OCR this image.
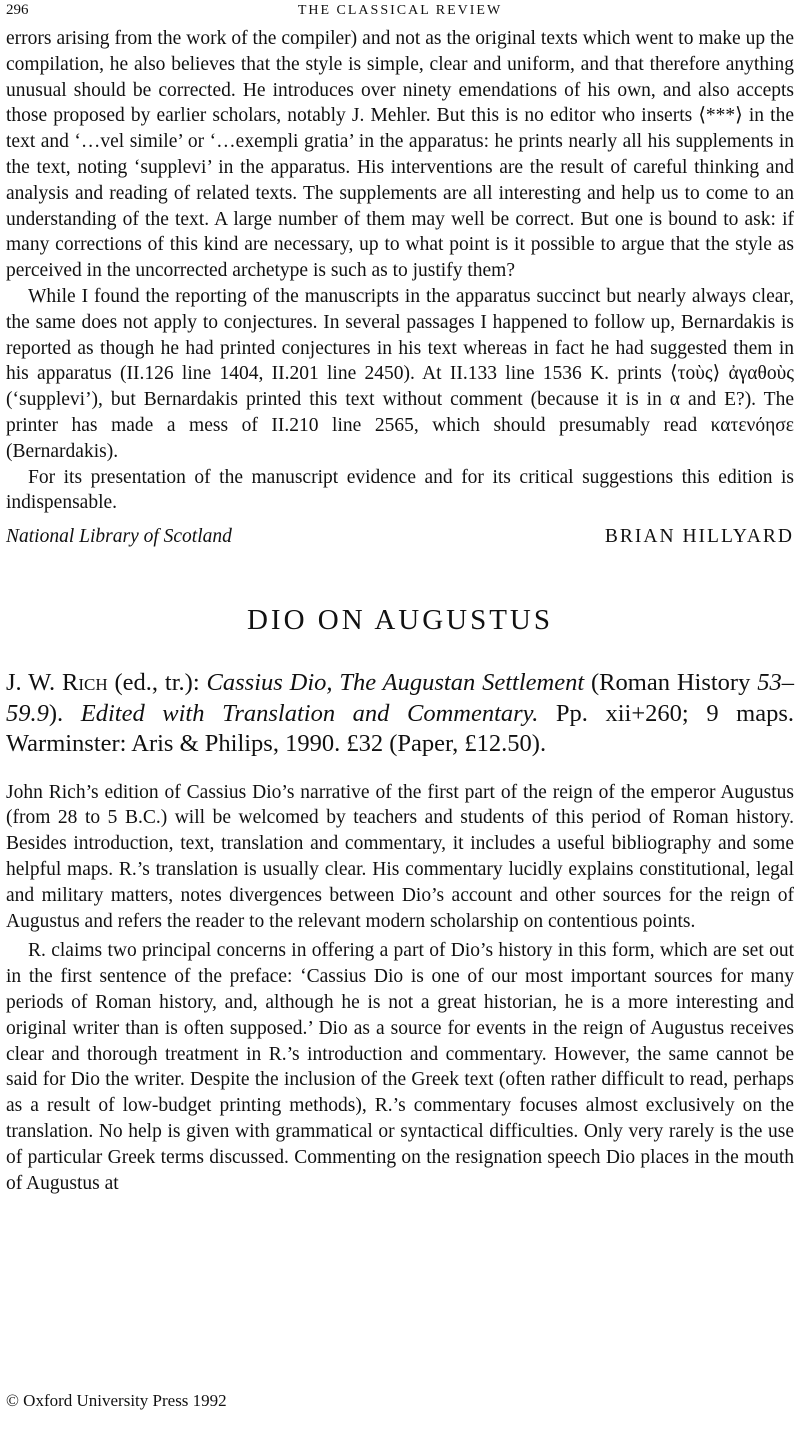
296	THE CLASSICAL REVIEW

errors arising from the work of the compiler) and not as the original texts which went to make up the compilation, he also believes that the style is simple, clear and uniform, and that therefore anything unusual should be corrected. He introduces over ninety emendations of his own, and also accepts those proposed by earlier scholars, notably J. Mehler. But this is no editor who inserts ⟨***⟩ in the text and ‘…vel simile’ or ‘…exempli gratia’ in the apparatus: he prints nearly all his supplements in the text, noting ‘supplevi’ in the apparatus. His interventions are the result of careful thinking and analysis and reading of related texts. The supplements are all interesting and help us to come to an understanding of the text. A large number of them may well be correct. But one is bound to ask: if many corrections of this kind are necessary, up to what point is it possible to argue that the style as perceived in the uncorrected archetype is such as to justify them?

While I found the reporting of the manuscripts in the apparatus succinct but nearly always clear, the same does not apply to conjectures. In several passages I happened to follow up, Bernardakis is reported as though he had printed conjectures in his text whereas in fact he had suggested them in his apparatus (II.126 line 1404, II.201 line 2450). At II.133 line 1536 K. prints ⟨τοὺς⟩ ἀγαθοὺς (‘supplevi’), but Bernardakis printed this text without comment (because it is in α and E?). The printer has made a mess of II.210 line 2565, which should presumably read κατενόησε (Bernardakis).

For its presentation of the manuscript evidence and for its critical suggestions this edition is indispensable.

National Library of Scotland	BRIAN HILLYARD
DIO ON AUGUSTUS
J. W. Rich (ed., tr.): Cassius Dio, The Augustan Settlement (Roman History 53–59.9). Edited with Translation and Commentary. Pp. xii+260; 9 maps. Warminster: Aris & Philips, 1990. £32 (Paper, £12.50).

John Rich’s edition of Cassius Dio’s narrative of the first part of the reign of the emperor Augustus (from 28 to 5 B.C.) will be welcomed by teachers and students of this period of Roman history. Besides introduction, text, translation and commentary, it includes a useful bibliography and some helpful maps. R.’s translation is usually clear. His commentary lucidly explains constitutional, legal and military matters, notes divergences between Dio’s account and other sources for the reign of Augustus and refers the reader to the relevant modern scholarship on contentious points.

R. claims two principal concerns in offering a part of Dio’s history in this form, which are set out in the first sentence of the preface: ‘Cassius Dio is one of our most important sources for many periods of Roman history, and, although he is not a great historian, he is a more interesting and original writer than is often supposed.’ Dio as a source for events in the reign of Augustus receives clear and thorough treatment in R.’s introduction and commentary. However, the same cannot be said for Dio the writer. Despite the inclusion of the Greek text (often rather difficult to read, perhaps as a result of low-budget printing methods), R.’s commentary focuses almost exclusively on the translation. No help is given with grammatical or syntactical difficulties. Only very rarely is the use of particular Greek terms discussed. Commenting on the resignation speech Dio places in the mouth of Augustus at

© Oxford University Press 1992
